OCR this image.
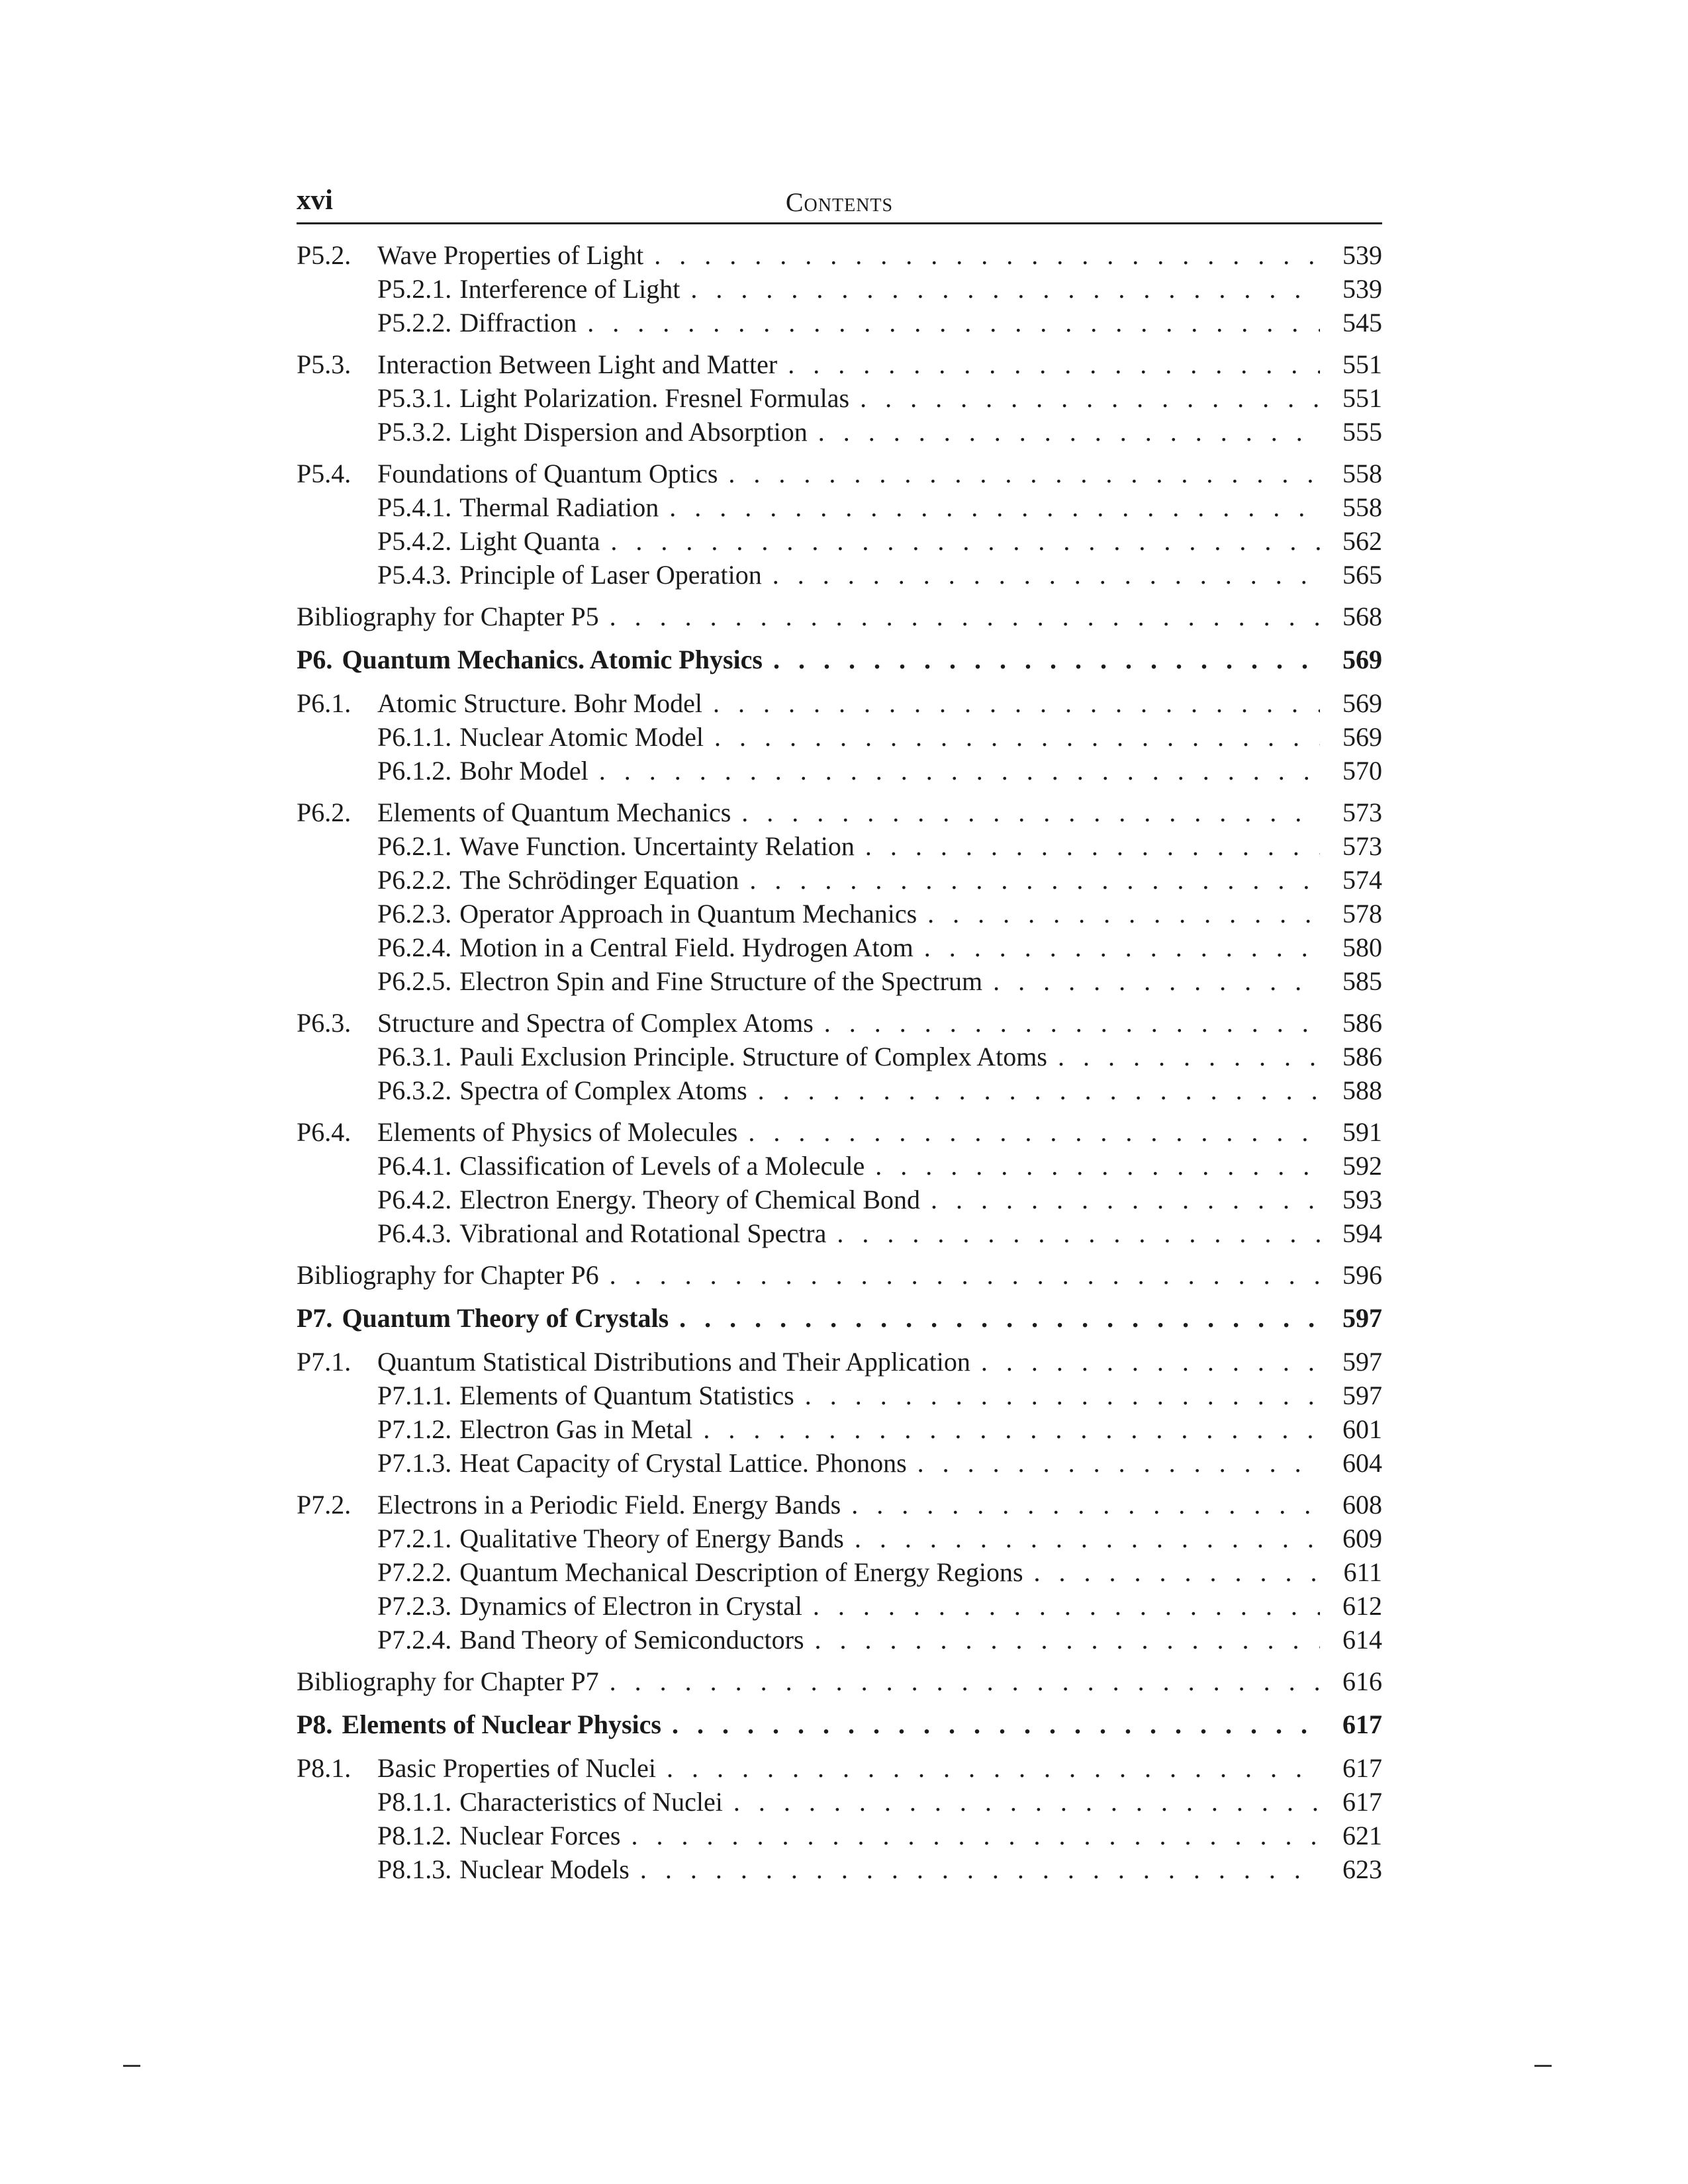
xvi	Contents
P5.2. Wave Properties of Light . . .	539
P5.2.1. Interference of Light . . .	539
P5.2.2. Diffraction . . .	545
P5.3. Interaction Between Light and Matter . . .	551
P5.3.1. Light Polarization. Fresnel Formulas . . .	551
P5.3.2. Light Dispersion and Absorption . . .	555
P5.4. Foundations of Quantum Optics . . .	558
P5.4.1. Thermal Radiation . . .	558
P5.4.2. Light Quanta . . .	562
P5.4.3. Principle of Laser Operation . . .	565
Bibliography for Chapter P5 . . .	568
P6. Quantum Mechanics. Atomic Physics . . .	569
P6.1. Atomic Structure. Bohr Model . . .	569
P6.1.1. Nuclear Atomic Model . . .	569
P6.1.2. Bohr Model . . .	570
P6.2. Elements of Quantum Mechanics . . .	573
P6.2.1. Wave Function. Uncertainty Relation . . .	573
P6.2.2. The Schrödinger Equation . . .	574
P6.2.3. Operator Approach in Quantum Mechanics . . .	578
P6.2.4. Motion in a Central Field. Hydrogen Atom . . .	580
P6.2.5. Electron Spin and Fine Structure of the Spectrum . . .	585
P6.3. Structure and Spectra of Complex Atoms . . .	586
P6.3.1. Pauli Exclusion Principle. Structure of Complex Atoms . . .	586
P6.3.2. Spectra of Complex Atoms . . .	588
P6.4. Elements of Physics of Molecules . . .	591
P6.4.1. Classification of Levels of a Molecule . . .	592
P6.4.2. Electron Energy. Theory of Chemical Bond . . .	593
P6.4.3. Vibrational and Rotational Spectra . . .	594
Bibliography for Chapter P6 . . .	596
P7. Quantum Theory of Crystals . . .	597
P7.1. Quantum Statistical Distributions and Their Application . . .	597
P7.1.1. Elements of Quantum Statistics . . .	597
P7.1.2. Electron Gas in Metal . . .	601
P7.1.3. Heat Capacity of Crystal Lattice. Phonons . . .	604
P7.2. Electrons in a Periodic Field. Energy Bands . . .	608
P7.2.1. Qualitative Theory of Energy Bands . . .	609
P7.2.2. Quantum Mechanical Description of Energy Regions . . .	611
P7.2.3. Dynamics of Electron in Crystal . . .	612
P7.2.4. Band Theory of Semiconductors . . .	614
Bibliography for Chapter P7 . . .	616
P8. Elements of Nuclear Physics . . .	617
P8.1. Basic Properties of Nuclei . . .	617
P8.1.1. Characteristics of Nuclei . . .	617
P8.1.2. Nuclear Forces . . .	621
P8.1.3. Nuclear Models . . .	623
